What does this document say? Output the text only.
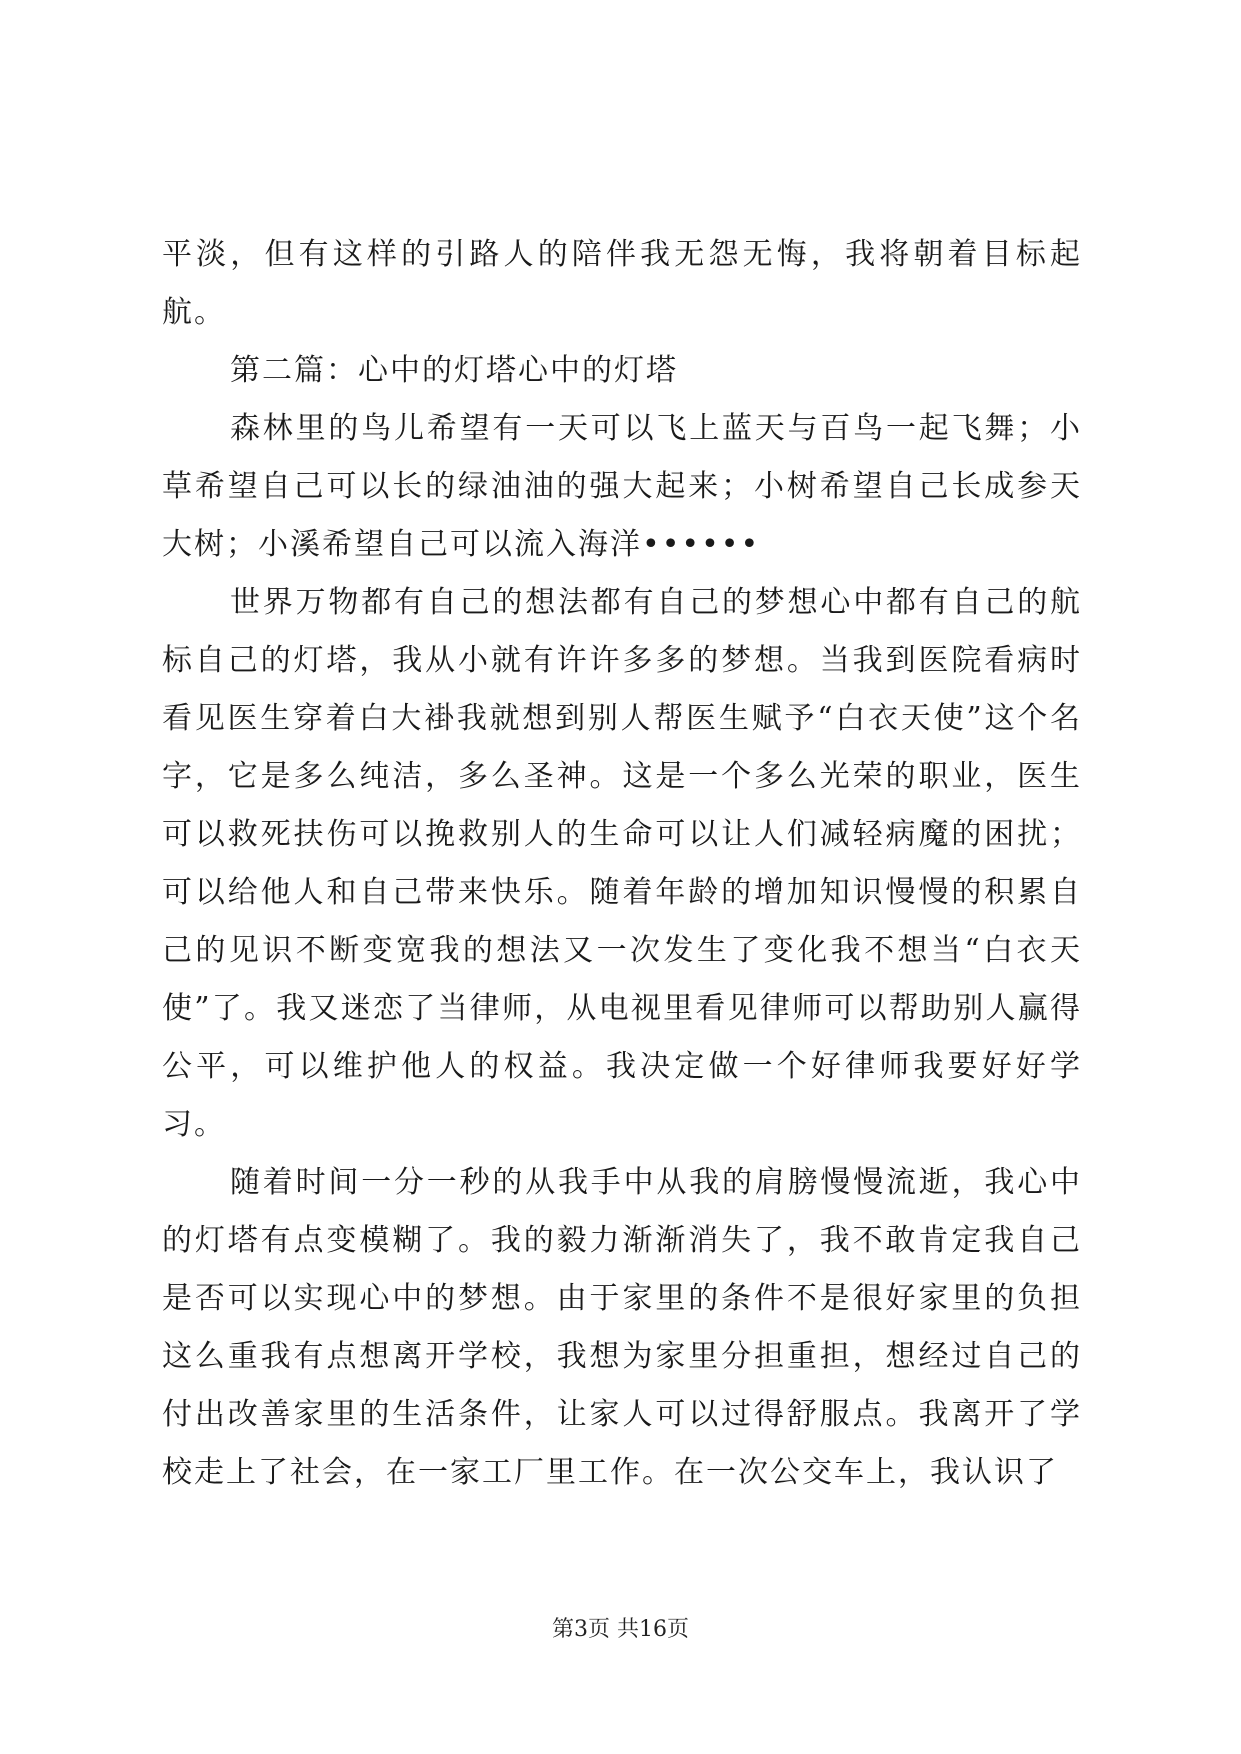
平淡，但有这样的引路人的陪伴我无怨无悔，我将朝着目标起航。

第二篇：心中的灯塔心中的灯塔

森林里的鸟儿希望有一天可以飞上蓝天与百鸟一起飞舞；小草希望自己可以长的绿油油的强大起来；小树希望自己长成参天大树；小溪希望自己可以流入海洋••••••

世界万物都有自己的想法都有自己的梦想心中都有自己的航标自己的灯塔，我从小就有许许多多的梦想。当我到医院看病时看见医生穿着白大褂我就想到别人帮医生赋予“白衣天使”这个名字，它是多么纯洁，多么圣神。这是一个多么光荣的职业，医生可以救死扶伤可以挽救别人的生命可以让人们减轻病魔的困扰；可以给他人和自己带来快乐。随着年龄的增加知识慢慢的积累自己的见识不断变宽我的想法又一次发生了变化我不想当“白衣天使”了。我又迷恋了当律师，从电视里看见律师可以帮助别人赢得公平，可以维护他人的权益。我决定做一个好律师我要好好学习。

随着时间一分一秒的从我手中从我的肩膀慢慢流逝，我心中的灯塔有点变模糊了。我的毅力渐渐消失了，我不敢肯定我自己是否可以实现心中的梦想。由于家里的条件不是很好家里的负担这么重我有点想离开学校，我想为家里分担重担，想经过自己的付出改善家里的生活条件，让家人可以过得舒服点。我离开了学校走上了社会，在一家工厂里工作。在一次公交车上，我认识了

第3页 共16页
